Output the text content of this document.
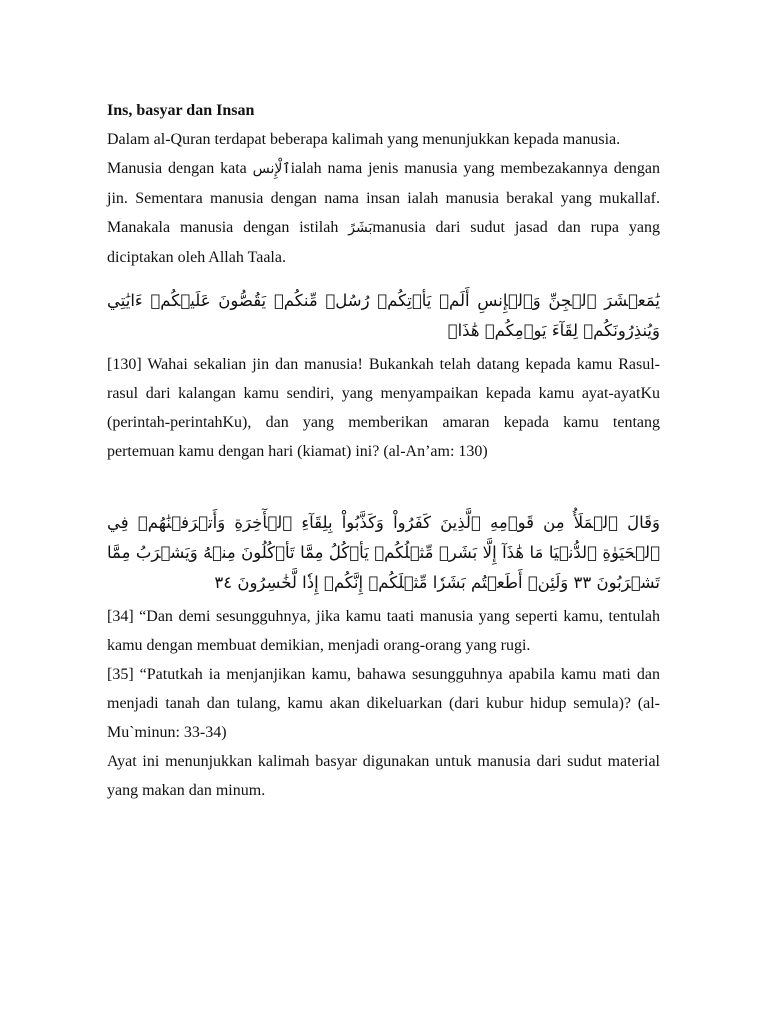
Ins, basyar dan Insan

Dalam al-Quran terdapat beberapa kalimah yang menunjukkan kepada manusia.

Manusia dengan kata ٱلْإِنسialah nama jenis manusia yang membezakannya dengan jin. Sementara manusia dengan nama insan ialah manusia berakal yang mukallaf. Manakala manusia dengan istilah بَشَرًmanusia dari sudut jasad dan rupa yang diciptakan oleh Allah Taala.

يَٰمَعۡشَرَ ٱلۡجِنِّ وَٱلۡإِنسِ أَلَمۡ يَأۡتِكُمۡ رُسُلٞ مِّنكُمۡ يَقُصُّونَ عَلَيۡكُمۡ ءَايَٰتِي وَيُنذِرُونَكُمۡ لِقَآءَ يَوۡمِكُمۡ هَٰذَاۚ

[130] Wahai sekalian jin dan manusia! Bukankah telah datang kepada kamu Rasul-rasul dari kalangan kamu sendiri, yang menyampaikan kepada kamu ayat-ayatKu (perintah-perintahKu), dan yang memberikan amaran kepada kamu tentang pertemuan kamu dengan hari (kiamat) ini? (al-An’am: 130)

وَقَالَ ٱلۡمَلَأُ مِن قَوۡمِهِ ٱلَّذِينَ كَفَرُواْ وَكَذَّبُواْ بِلِقَآءِ ٱلۡأٓخِرَةِ وَأَتۡرَفۡنَٰهُمۡ فِي ٱلۡحَيَوٰةِ ٱلدُّنۡيَا مَا هَٰذَآ إِلَّا بَشَرٞ مِّثۡلُكُمۡ يَأۡكُلُ مِمَّا تَأۡكُلُونَ مِنۡهُ وَيَشۡرَبُ مِمَّا تَشۡرَبُونَ ٣٣ وَلَئِنۡ أَطَعۡتُم بَشَرٗا مِّثۡلَكُمۡ إِنَّكُمۡ إِذٗا لَّخَٰسِرُونَ ٣٤

[34] “Dan demi sesungguhnya, jika kamu taati manusia yang seperti kamu, tentulah kamu dengan membuat demikian, menjadi orang-orang yang rugi.

[35] “Patutkah ia menjanjikan kamu, bahawa sesungguhnya apabila kamu mati dan menjadi tanah dan tulang, kamu akan dikeluarkan (dari kubur hidup semula)? (al-Mu`minun: 33-34)

Ayat ini menunjukkan kalimah basyar digunakan untuk manusia dari sudut material yang makan dan minum.
